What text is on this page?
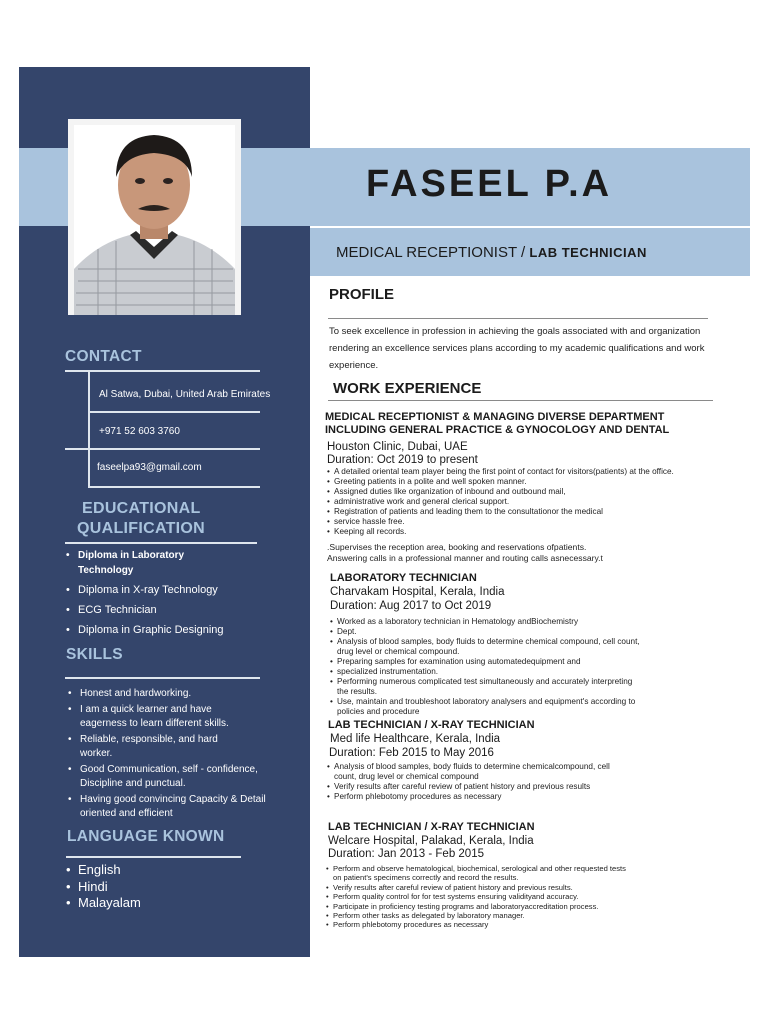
FASEEL P.A
MEDICAL RECEPTIONIST / LAB TECHNICIAN
CONTACT
Al Satwa, Dubai, United Arab Emirates
+971 52 603 3760
faseelpa93@gmail.com
EDUCATIONAL
QUALIFICATION
• Diploma in Laboratory Technology
• Diploma in X-ray Technology
• ECG Technician
• Diploma in Graphic Designing
SKILLS
• Honest and hardworking.
• I am a quick learner and have eagerness to learn different skills.
• Reliable, responsible, and hard worker.
• Good Communication, self - confidence, Discipline and punctual.
• Having good convincing Capacity & Detail oriented and efficient
LANGUAGE KNOWN
• English
• Hindi
• Malayalam
PROFILE
To seek excellence in profession in achieving the goals associated with and organization rendering an excellence services plans according to my academic qualifications and work experience.
WORK EXPERIENCE
MEDICAL RECEPTIONIST & MANAGING DIVERSE DEPARTMENT
INCLUDING GENERAL PRACTICE & GYNOCOLOGY AND DENTAL
Houston Clinic, Dubai, UAE
Duration: Oct 2019 to present
• A detailed oriental team player being the first point of contact for visitors(patients) at the office.
• Greeting patients in a polite and well spoken manner.
• Assigned duties like organization of inbound and outbound mail,
• administrative work and general clerical support.
• Registration of patients and leading them to the consultationor the medical
• service hassle free.
• Keeping all records.
.Supervises the reception area, booking and reservations ofpatients.
Answering calls in a professional manner and routing calls asnecessary.t
LABORATORY TECHNICIAN
Charvakam Hospital, Kerala, India
Duration: Aug 2017 to Oct 2019
• Worked as a laboratory technician in Hematology andBiochemistry
• Dept.
• Analysis of blood samples, body fluids to determine chemical compound, cell count, drug level or chemical compound.
• Preparing samples for examination using automatedequipment and
• specialized instrumentation.
• Performing numerous complicated test simultaneously and accurately interpreting the results.
• Use, maintain and troubleshoot laboratory analysers and equipment's according to policies and procedure
LAB TECHNICIAN / X-RAY TECHNICIAN
Med life Healthcare, Kerala, India
Duration: Feb 2015 to May 2016
• Analysis of blood samples, body fluids to determine chemicalcompound, cell count, drug level or chemical compound
• Verify results after careful review of patient history and previous results
• Perform phlebotomy procedures as necessary
LAB TECHNICIAN / X-RAY TECHNICIAN
Welcare Hospital, Palakad, Kerala, India
Duration: Jan 2013 - Feb 2015
• Perform and observe hematological, biochemical, serological and other requested tests on patient's specimens correctly and record the results.
• Verify results after careful review of patient history and previous results.
• Perform quality control for for test systems ensuring validityand accuracy.
• Participate in proficiency testing programs and laboratoryaccreditation process.
• Perform other tasks as delegated by laboratory manager.
• Perform phlebotomy procedures as necessary
